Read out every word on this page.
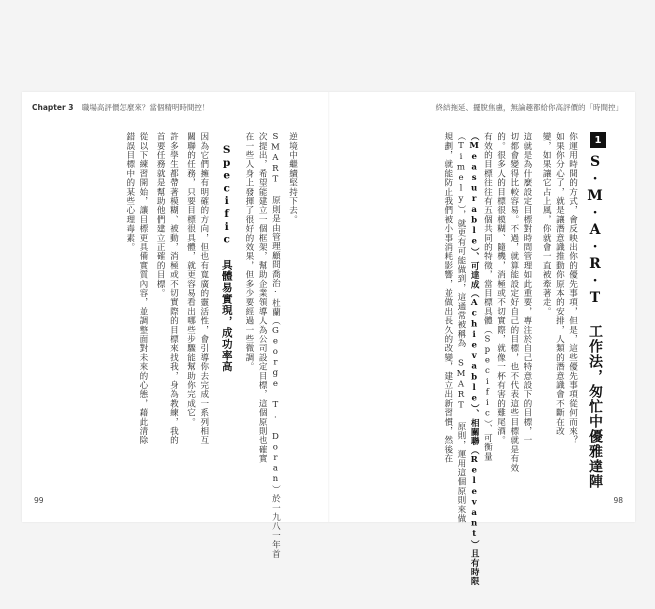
Chapter 3 職場高評價怎麼來？當個精明時間控！	終結拖延、擺脫焦慮，無論趣都給你高評價的「時間控」
1
S·M·A·R·T 工作法，匆忙中優雅達陣
你運用時間的方式，會反映出你的優先事項，但是，這些優先事項從何而來？
如果你分心了，就是讓潛意識推動你原本的安排，人類的潛意識會不斷在改
變，如果讓它占上風，你就會一直被牽著走。
這就是為什麼設定目標對時間管理如此重要，專注於自己特意設下的目標，一
切都會變得比較容易。不過，就算能設定好自己的目標，也不代表這些目標就是有效
的。很多人的目標很模糊、隨機，消極或不切實際，就像一杯有害的雞尾酒。
有效的目標往往有五個共同的特徵，當目標具體（Specific）、可衡量
（Measurable）、可達成（Achievable）、相關聯（Relevant）且有時限
（Timely），就更有可能做到，這通常被稱為 SMART 原則，運用這個原則來做
規劃，就能防止我們被小事消耗影響，並做出長久的改變，建立出新習慣，然後在
逆境中繼續堅持下去。
SMART 原則是由管理顧問喬治·杜蘭（George T. Doran）於一九八一年首
次提出，希望能建立一個框架，幫助企業領導人為公司設定目標，這個原則也確實
在一些人身上發揮了很好的效果，但多少要經過一些微調。
Specific 具體易實現，成功率高
因為它們擁有明確的方向，但也有寬廣的靈活性，會引導你去完成一系列相互
關聯的任務，只要目標很具體，就更容易看出哪些步驟能幫助你完成它。
許多學生都帶著模糊、被動，消極或不切實際的目標來找我，身為教練，我的
首要任務就是幫助他們建立正確的目標。
從以下練習開始，讓目標更具備實質內容，並調整面對未來的心態，藉此清除
錯誤目標中的某些心理毒素。
99	98
